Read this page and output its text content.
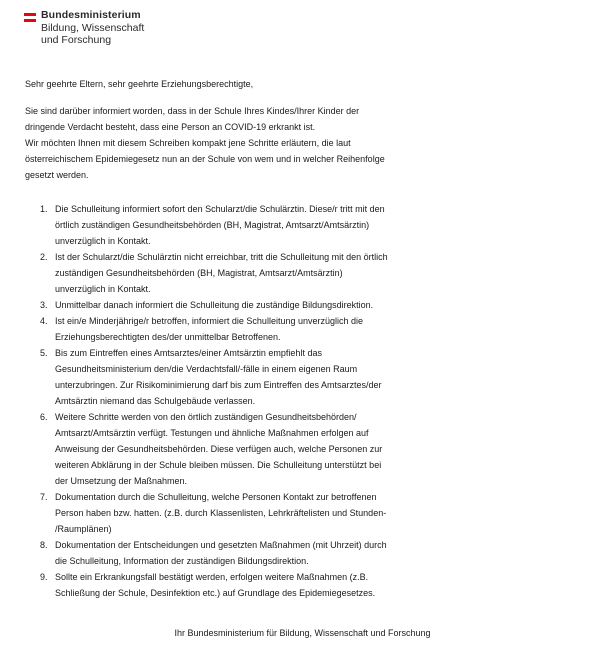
Bundesministerium
Bildung, Wissenschaft
und Forschung
Sehr geehrte Eltern, sehr geehrte Erziehungsberechtigte,
Sie sind darüber informiert worden, dass in der Schule Ihres Kindes/Ihrer Kinder der
dringende Verdacht besteht, dass eine Person an COVID-19 erkrankt ist.
Wir möchten Ihnen mit diesem Schreiben kompakt jene Schritte erläutern, die laut
österreichischem Epidemiegesetz nun an der Schule von wem und in welcher Reihenfolge
gesetzt werden.
1. Die Schulleitung informiert sofort den Schularzt/die Schulärztin. Diese/r tritt mit den
örtlich zuständigen Gesundheitsbehörden (BH, Magistrat, Amtsarzt/Amtsärztin)
unverzüglich in Kontakt.
2. Ist der Schularzt/die Schulärztin nicht erreichbar, tritt die Schulleitung mit den örtlich
zuständigen Gesundheitsbehörden (BH, Magistrat, Amtsarzt/Amtsärztin)
unverzüglich in Kontakt.
3. Unmittelbar danach informiert die Schulleitung die zuständige Bildungsdirektion.
4. Ist ein/e Minderjährige/r betroffen, informiert die Schulleitung unverzüglich die
Erziehungsberechtigten des/der unmittelbar Betroffenen.
5. Bis zum Eintreffen eines Amtsarztes/einer Amtsärztin empfiehlt das
Gesundheitsministerium den/die Verdachtsfall/-fälle in einem eigenen Raum
unterzubringen. Zur Risikominimierung darf bis zum Eintreffen des Amtsarztes/der
Amtsärztin niemand das Schulgebäude verlassen.
6. Weitere Schritte werden von den örtlich zuständigen Gesundheitsbehörden/
Amtsarzt/Amtsärztin verfügt. Testungen und ähnliche Maßnahmen erfolgen auf
Anweisung der Gesundheitsbehörden. Diese verfügen auch, welche Personen zur
weiteren Abklärung in der Schule bleiben müssen. Die Schulleitung unterstützt bei
der Umsetzung der Maßnahmen.
7. Dokumentation durch die Schulleitung, welche Personen Kontakt zur betroffenen
Person haben bzw. hatten. (z.B. durch Klassenlisten, Lehrkräftelisten und Stunden-
/Raumplänen)
8. Dokumentation der Entscheidungen und gesetzten Maßnahmen (mit Uhrzeit) durch
die Schulleitung, Information der zuständigen Bildungsdirektion.
9. Sollte ein Erkrankungsfall bestätigt werden, erfolgen weitere Maßnahmen (z.B.
Schließung der Schule, Desinfektion etc.) auf Grundlage des Epidemiegesetzes.
Ihr Bundesministerium für Bildung, Wissenschaft und Forschung
